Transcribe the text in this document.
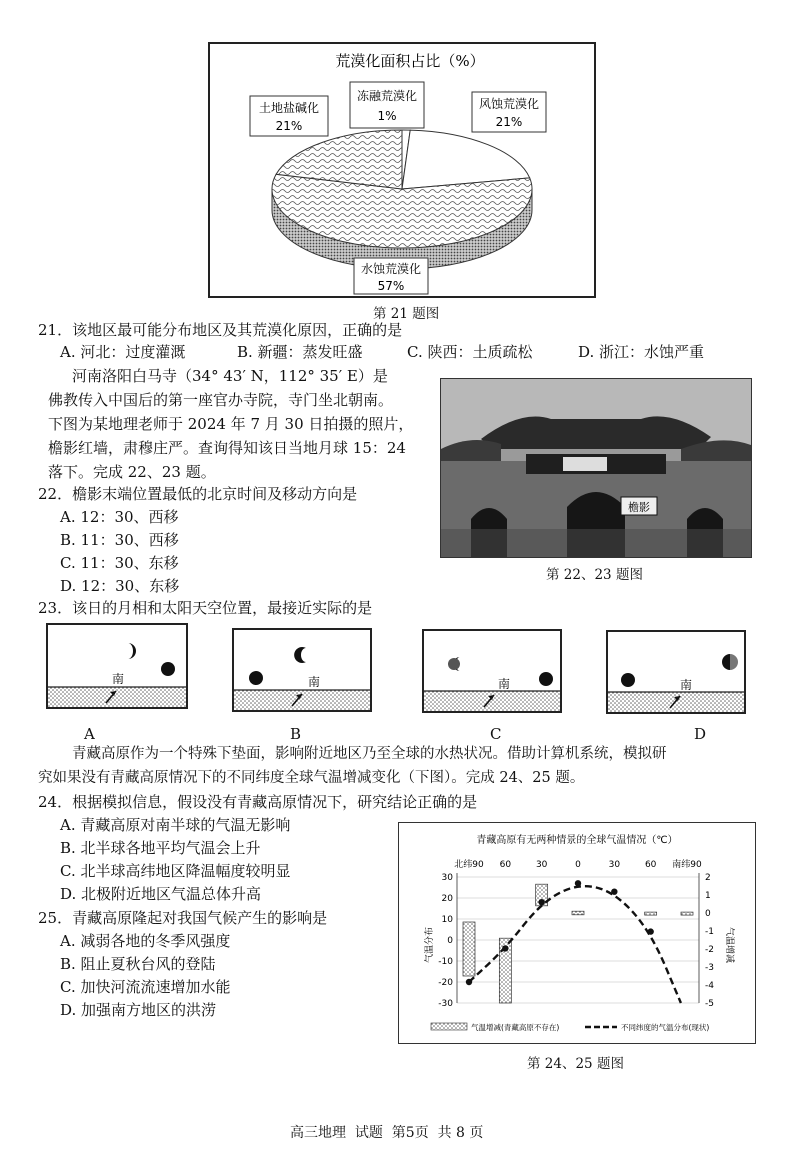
荒漠化面积占比（%）
冻融荒漠化
1%
风蚀荒漠化
21%
水蚀荒漠化
57%
土地盐碱化
21%
第 21 题图
21．该地区最可能分布地区及其荒漠化原因，正确的是
A. 河北：过度灌溉	B. 新疆：蒸发旺盛	C. 陕西：土质疏松	D. 浙江：水蚀严重
河南洛阳白马寺（34° 43′ N，112° 35′ E）是
佛教传入中国后的第一座官办寺院，寺门坐北朝南。
下图为某地理老师于 2024 年 7 月 30 日拍摄的照片，
檐影红墙，肃穆庄严。查询得知该日当地月球 15：24
落下。完成 22、23 题。
檐影
第 22、23 题图
22．檐影末端位置最低的北京时间及移动方向是
A. 12：30、西移
B. 11：30、西移
C. 11：30、东移
D. 12：30、东移
23．该日的月相和太阳天空位置，最接近实际的是
南
A
南
B
南
C
南
D
青藏高原作为一个特殊下垫面，影响附近地区乃至全球的水热状况。借助计算机系统，模拟研
究如果没有青藏高原情况下的不同纬度全球气温增减变化（下图）。完成 24、25 题。
24．根据模拟信息，假设没有青藏高原情况下，研究结论正确的是
A. 青藏高原对南半球的气温无影响
B. 北半球各地平均气温会上升
C. 北半球高纬地区降温幅度较明显
D. 北极附近地区气温总体升高
25．青藏高原隆起对我国气候产生的影响是
A. 减弱各地的冬季风强度
B. 阻止夏秋台风的登陆
C. 加快河流流速增加水能
D. 加强南方地区的洪涝
青藏高原有无两种情景的全球气温情况（℃）
气温分布	气温增减
30
20
10
0
-10
-20
-30
2
1
0
-1
-2
-3
-4
-5
北纬90 60	30	0	30	60 南纬90
气温增减(青藏高原不存在)	不同纬度的气温分布(现状)
第 24、25 题图
高三地理  试题  第5页  共 8 页
